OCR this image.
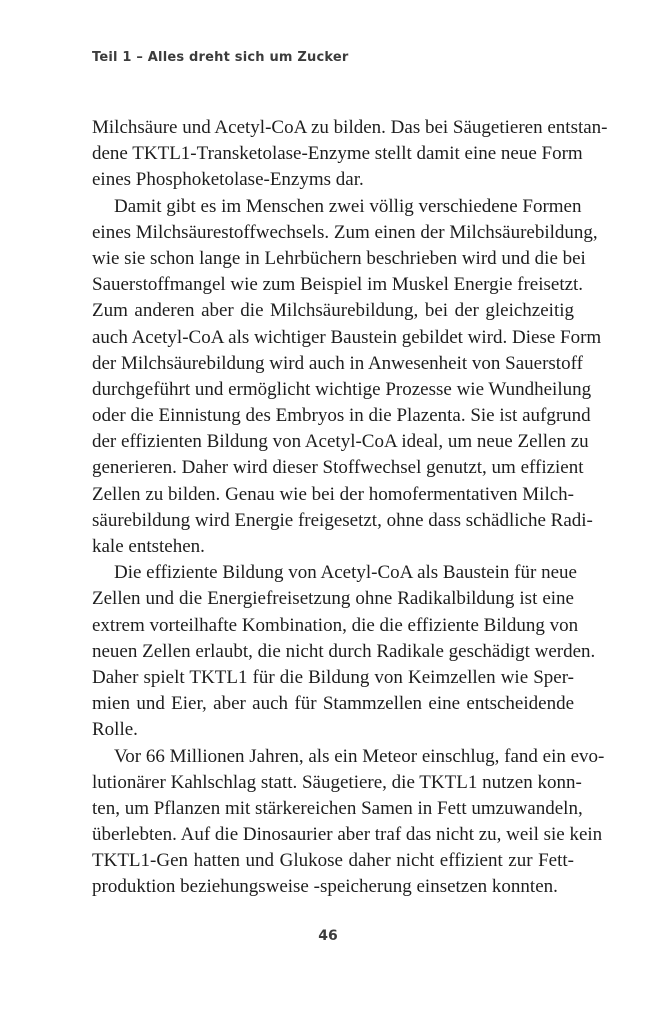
Teil 1 – Alles dreht sich um Zucker
Milchsäure und Acetyl-CoA zu bilden. Das bei Säugetieren entstan-
dene TKTL1-Transketolase-Enzyme stellt damit eine neue Form
eines Phosphoketolase-Enzyms dar.
Damit gibt es im Menschen zwei völlig verschiedene Formen
eines Milchsäurestoffwechsels. Zum einen der Milchsäurebildung,
wie sie schon lange in Lehrbüchern beschrieben wird und die bei
Sauerstoffmangel wie zum Beispiel im Muskel Energie freisetzt.
Zum anderen aber die Milchsäurebildung, bei der gleichzeitig
auch Acetyl-CoA als wichtiger Baustein gebildet wird. Diese Form
der Milchsäurebildung wird auch in Anwesenheit von Sauerstoff
durchgeführt und ermöglicht wichtige Prozesse wie Wundheilung
oder die Einnistung des Embryos in die Plazenta. Sie ist aufgrund
der effizienten Bildung von Acetyl-CoA ideal, um neue Zellen zu
generieren. Daher wird dieser Stoffwechsel genutzt, um effizient
Zellen zu bilden. Genau wie bei der homofermentativen Milch-
säurebildung wird Energie freigesetzt, ohne dass schädliche Radi-
kale entstehen.
Die effiziente Bildung von Acetyl-CoA als Baustein für neue
Zellen und die Energiefreisetzung ohne Radikalbildung ist eine
extrem vorteilhafte Kombination, die die effiziente Bildung von
neuen Zellen erlaubt, die nicht durch Radikale geschädigt werden.
Daher spielt TKTL1 für die Bildung von Keimzellen wie Sper-
mien und Eier, aber auch für Stammzellen eine entscheidende
Rolle.
Vor 66 Millionen Jahren, als ein Meteor einschlug, fand ein evo-
lutionärer Kahlschlag statt. Säugetiere, die TKTL1 nutzen konn-
ten, um Pflanzen mit stärkereichen Samen in Fett umzuwandeln,
überlebten. Auf die Dinosaurier aber traf das nicht zu, weil sie kein
TKTL1-Gen hatten und Glukose daher nicht effizient zur Fett-
produktion beziehungsweise -speicherung einsetzen konnten.
46
